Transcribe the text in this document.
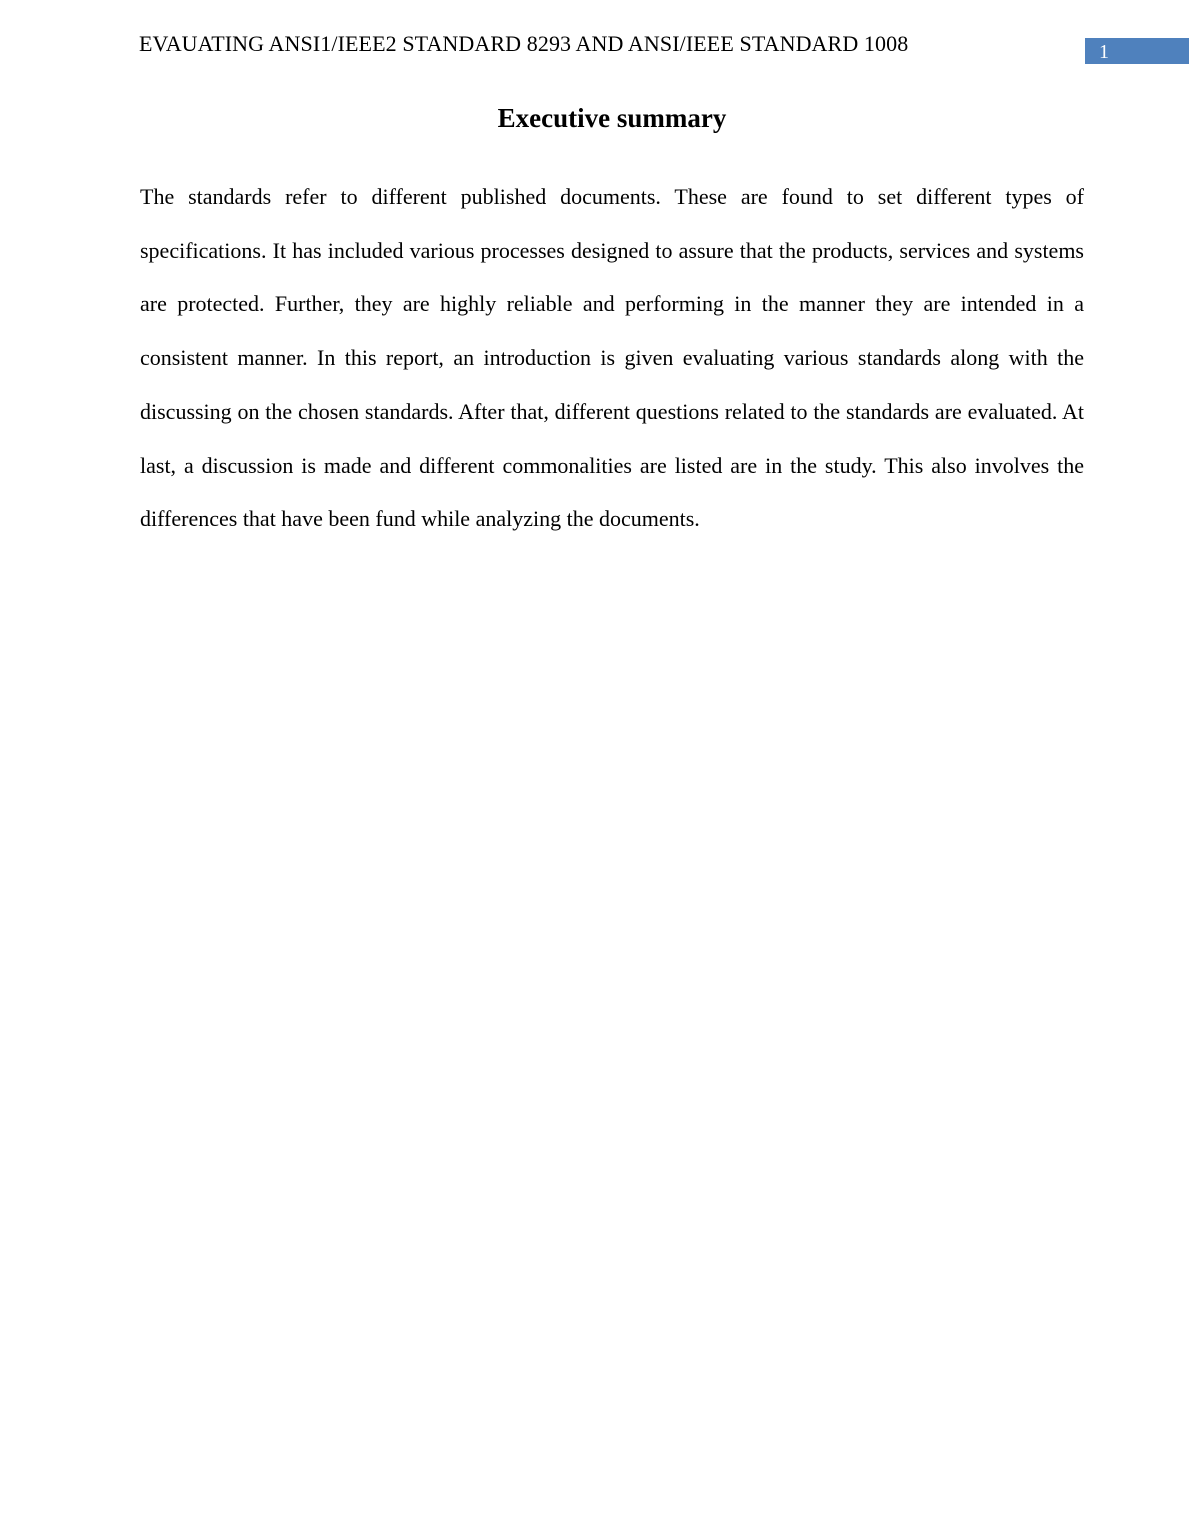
EVAUATING ANSI1/IEEE2 STANDARD 8293 AND ANSI/IEEE STANDARD 1008	1
Executive summary

The standards refer to different published documents. These are found to set different types of specifications. It has included various processes designed to assure that the products, services and systems are protected. Further, they are highly reliable and performing in the manner they are intended in a consistent manner. In this report, an introduction is given evaluating various standards along with the discussing on the chosen standards. After that, different questions related to the standards are evaluated. At last, a discussion is made and different commonalities are listed are in the study. This also involves the differences that have been fund while analyzing the documents.
